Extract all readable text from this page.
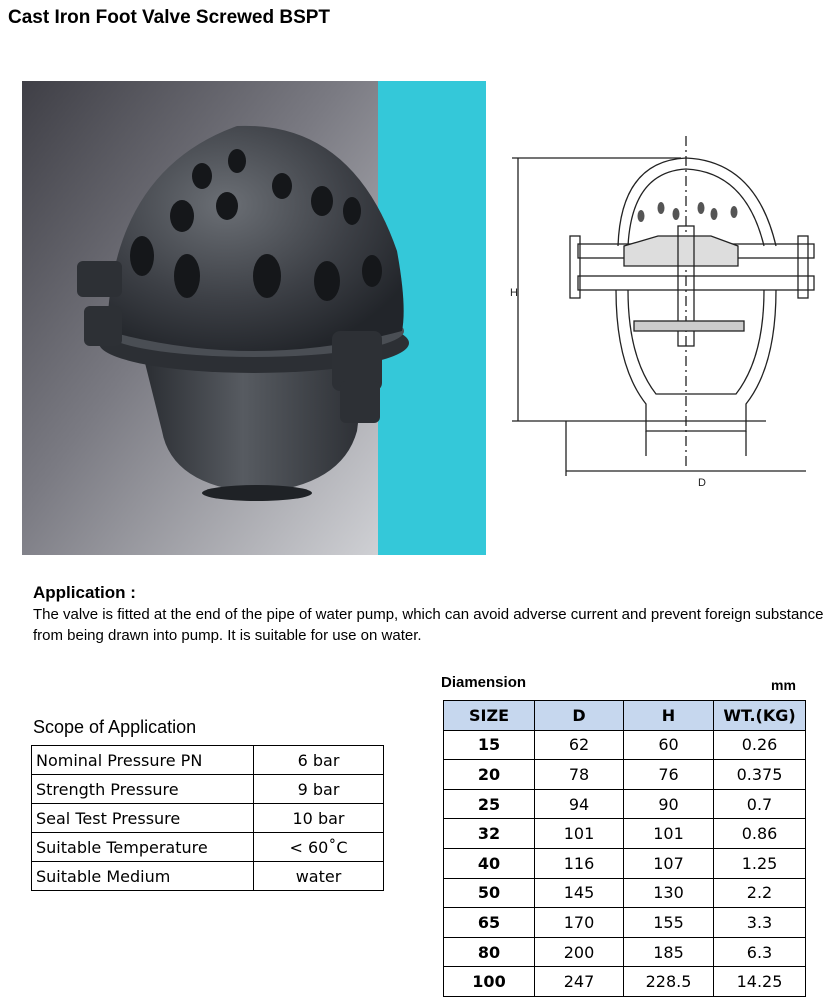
Cast Iron Foot Valve Screwed BSPT
H
D
Application :

The valve is fitted at the end of the pipe of water pump, which can avoid adverse current and prevent foreign substance from being drawn into pump. It is suitable for use on water.

Scope of Application
Nominal Pressure PN	6 bar
Strength Pressure	9 bar
Seal Test Pressure	10 bar
Suitable Temperature	< 60˚C
Suitable Medium	water
Diamension	mm
SIZE	D	H	WT.(KG)
15	62	60	0.26
20	78	76	0.375
25	94	90	0.7
32	101	101	0.86
40	116	107	1.25
50	145	130	2.2
65	170	155	3.3
80	200	185	6.3
100	247	228.5	14.25
